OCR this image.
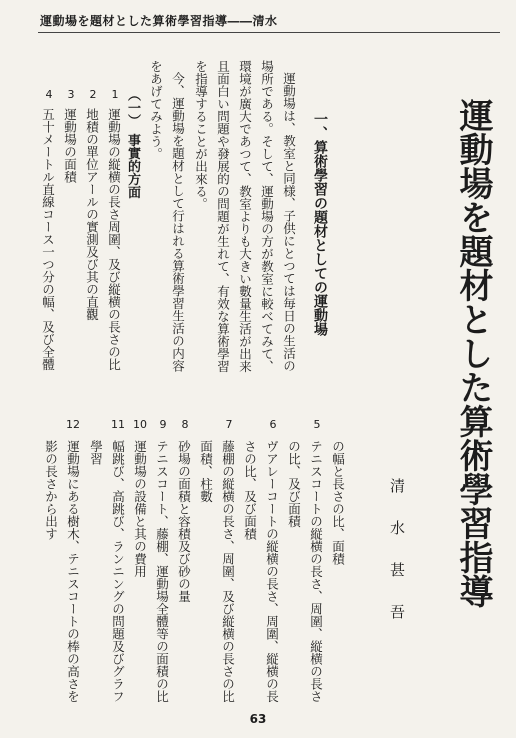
運動場を題材とした算術學習指導――清水
運動場を題材とした算術學習指導
清　水　甚　吾
一、算術學習の題材としての運動場
運動場は、教室と同様、子供にとつては毎日の生活の
場所である。そして、運動場の方が教室に較べてみて、
環境が廣大であつて、教室よりも大きい數量生活が出来
且面白い問題や發展的の問題が生れて、有效な算術學習
を指導することが出來る。
今、運動場を題材として行はれる算術學習生活の内容
をあげてみよう。
（一）　事實的方面
1
運動場の縦横の長さ周圍、及び縦横の長さの比
2
地積の單位アールの實測及び其の直觀
3
運動場の面積
4
五十メートル直線コース一つ分の幅、及び全體
の幅と長さの比、面積
5
テニスコートの縦横の長さ、周圍、縦横の長さ
の比、及び面積
6
ヴアレーコートの縦横の長さ、周圍、縦横の長
さの比、及び面積
7
藤棚の縦横の長さ、周圍、及び縦横の長さの比
面積、柱數
8
砂場の面積と容積及び砂の量
9
テニスコート、藤棚、運動場全體等の面積の比
10
運動場の設備と其の費用
11
幅跳び、高跳び、ランニングの問題及びグラフ
學習
12
運動場にある樹木、テニスコートの棒の高さを
影の長さから出す
63
